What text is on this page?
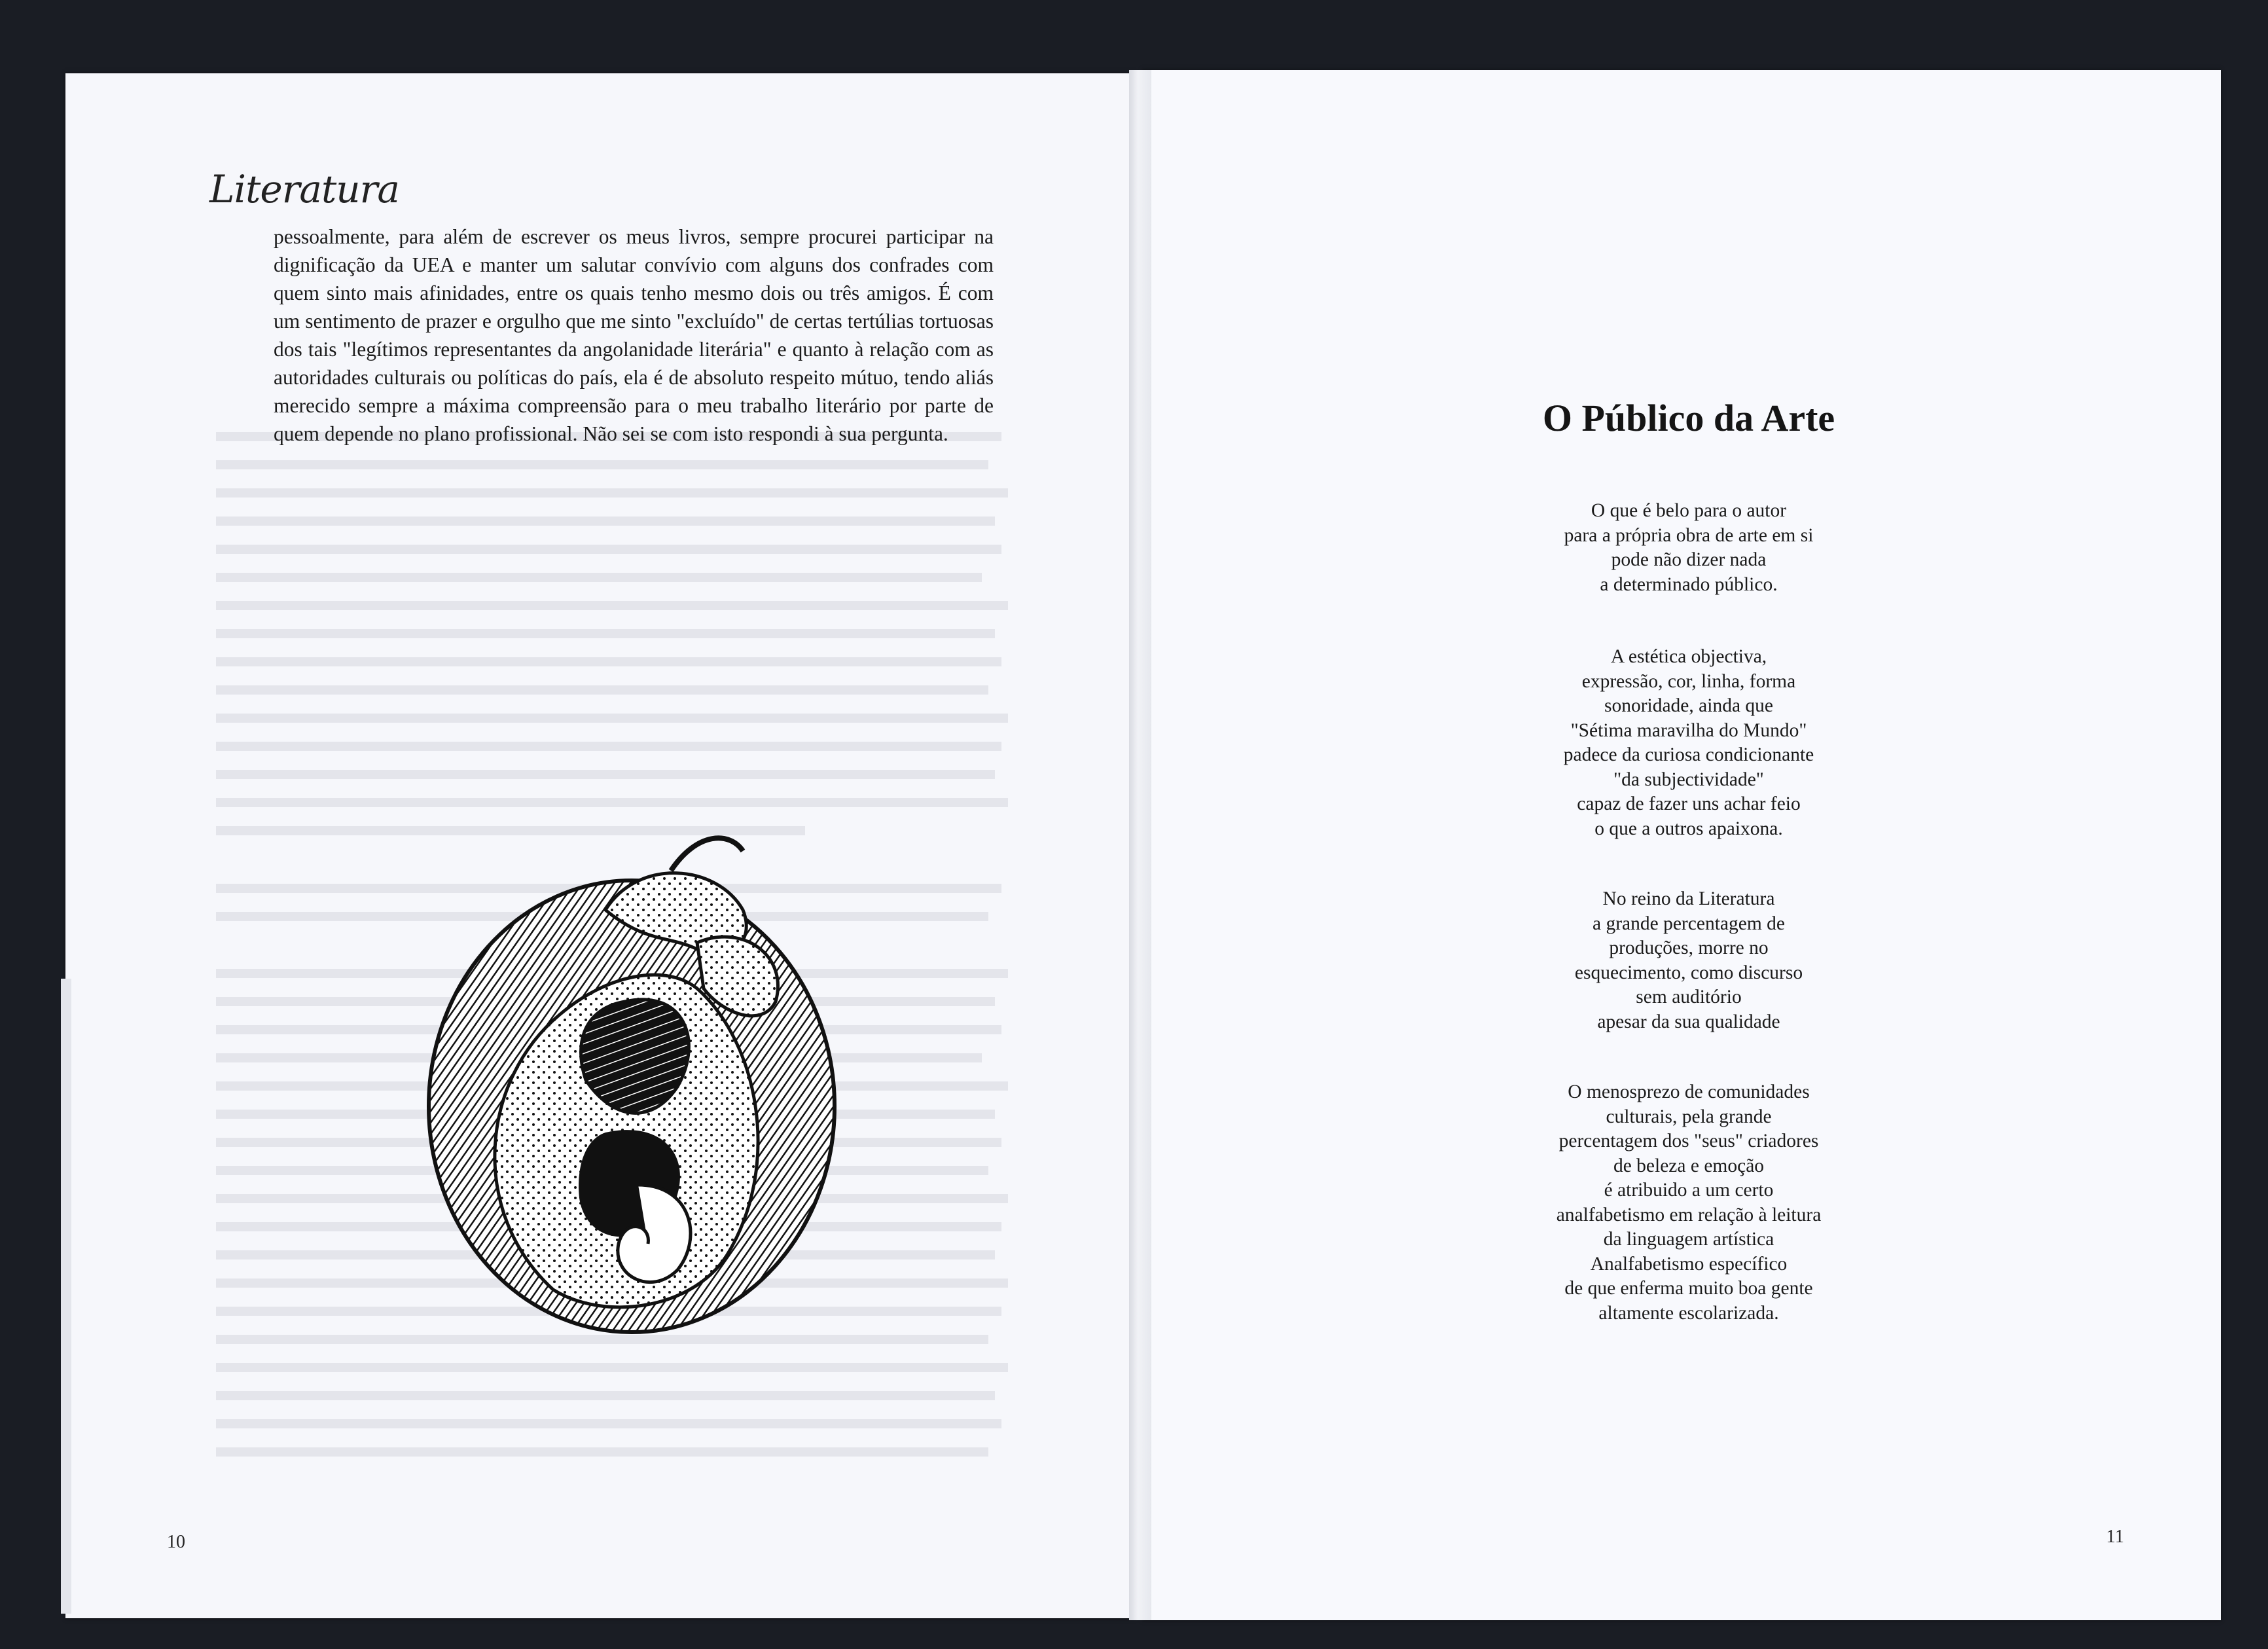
Literatura
pessoalmente, para além de escrever os meus livros, sempre procurei participar na dignificação da UEA e manter um salutar convívio com alguns dos confrades com quem sinto mais afinidades, entre os quais tenho mesmo dois ou três amigos. É com um sentimento de prazer e orgulho que me sinto "excluído" de certas tertúlias tortuosas dos tais "legítimos representantes da angolanidade literária" e quanto à relação com as autoridades culturais ou políticas do país, ela é de absoluto respeito mútuo, tendo aliás merecido sempre a máxima compreensão para o meu trabalho literário por parte de quem depende no plano profissional. Não sei se com isto respondi à sua pergunta.
10
O Público da Arte
O que é belo para o autor
para a própria obra de arte em si
pode não dizer nada
a determinado público.
A estética objectiva,
expressão, cor, linha, forma
sonoridade, ainda que
"Sétima maravilha do Mundo"
padece da curiosa condicionante
"da subjectividade"
capaz de fazer uns achar feio
o que a outros apaixona.
No reino da Literatura
a grande percentagem de
produções, morre no
esquecimento, como discurso
sem auditório
apesar da sua qualidade
O menosprezo de comunidades
culturais, pela grande
percentagem dos "seus" criadores
de beleza e emoção
é atribuido a um certo
analfabetismo em relação à leitura
da linguagem artística
Analfabetismo específico
de que enferma muito boa gente
altamente escolarizada.
11
